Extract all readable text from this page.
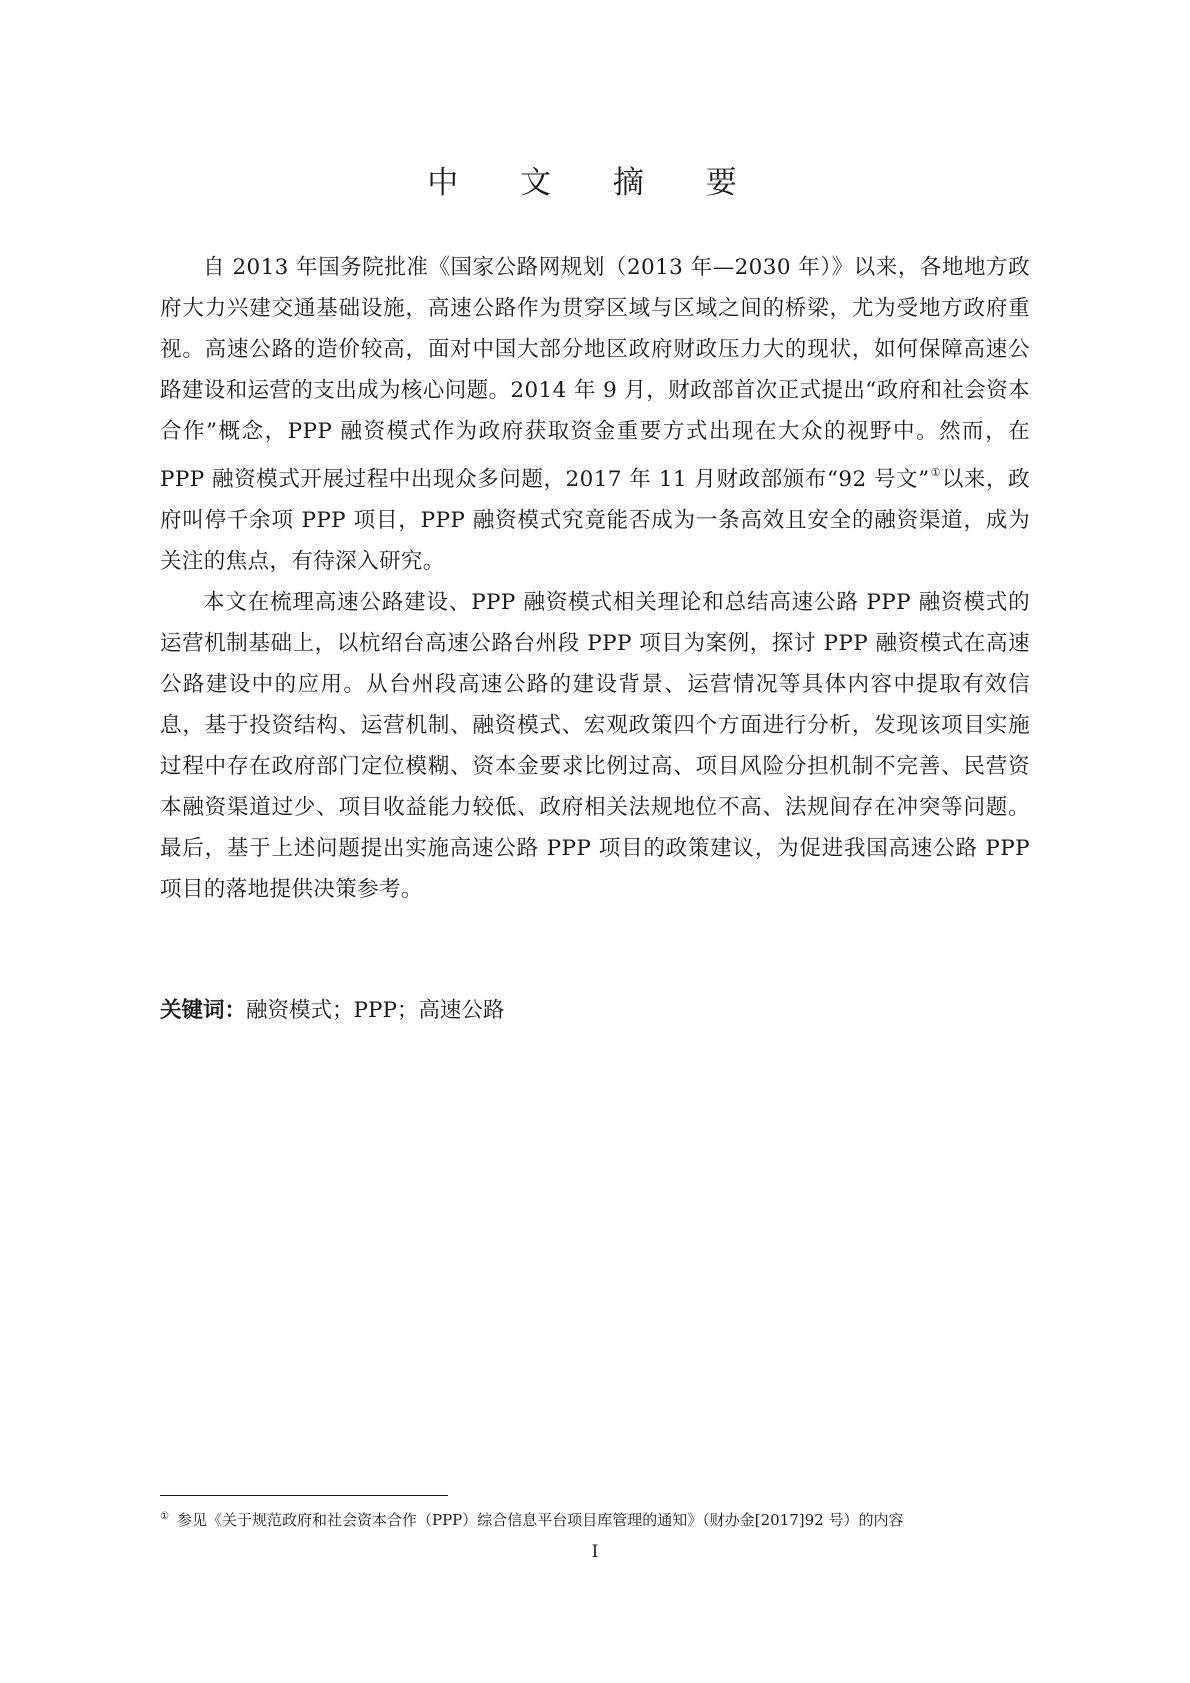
中 文 摘 要

自 2013 年国务院批准《国家公路网规划（2013 年—2030 年）》以来，各地地方政府大力兴建交通基础设施，高速公路作为贯穿区域与区域之间的桥梁，尤为受地方政府重视。高速公路的造价较高，面对中国大部分地区政府财政压力大的现状，如何保障高速公路建设和运营的支出成为核心问题。2014 年 9 月，财政部首次正式提出“政府和社会资本合作”概念，PPP 融资模式作为政府获取资金重要方式出现在大众的视野中。然而，在 PPP 融资模式开展过程中出现众多问题，2017 年 11 月财政部颁布“92 号文”①以来，政府叫停千余项 PPP 项目，PPP 融资模式究竟能否成为一条高效且安全的融资渠道，成为关注的焦点，有待深入研究。

本文在梳理高速公路建设、PPP 融资模式相关理论和总结高速公路 PPP 融资模式的运营机制基础上，以杭绍台高速公路台州段 PPP 项目为案例，探讨 PPP 融资模式在高速公路建设中的应用。从台州段高速公路的建设背景、运营情况等具体内容中提取有效信息，基于投资结构、运营机制、融资模式、宏观政策四个方面进行分析，发现该项目实施过程中存在政府部门定位模糊、资本金要求比例过高、项目风险分担机制不完善、民营资本融资渠道过少、项目收益能力较低、政府相关法规地位不高、法规间存在冲突等问题。最后，基于上述问题提出实施高速公路 PPP 项目的政策建议，为促进我国高速公路 PPP 项目的落地提供决策参考。

关键词：融资模式；PPP；高速公路

① 参见《关于规范政府和社会资本合作（PPP）综合信息平台项目库管理的通知》（财办金[2017]92 号）的内容

I
